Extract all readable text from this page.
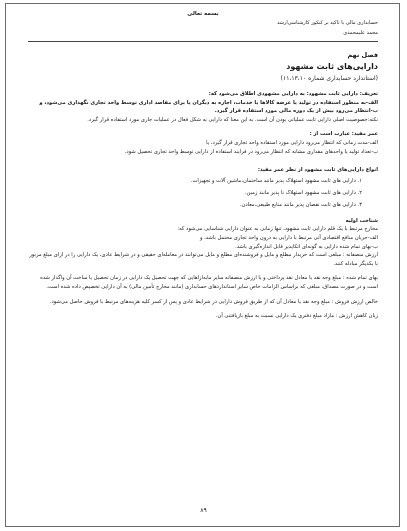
بسمه تعالی
حسابداری مالی با تاکید بر کنکور کارشناسی‌ارشد
محمد علیمحمدی
فصل نهم
دارایی‌های ثابت مشهود
(استاندارد حسابداری شماره ۱۱،۱۳،۱۰)

تعریف: دارایی ثابت مشهود: به دارایی مشهودی اطلاق می‌شود که:

الف-به منظور استفاده در تولید یا عرضه کالاها یا خدمات، اجاره به دیگران یا برای مقاصد اداری توسط واحد تجاری نگهداری می‌شود، و

ب-انتظار می‌رود بیش از یک دوره مالی مورد استفاده قرار گیرد.

نکته:خصوصیت اصلی دارایی ثابت عملیاتی بودن آن است. به این معنا که دارایی به شکل فعال در عملیات جاری مورد استفاده قرار گیرد.

عمر مفید: عبارت است از :

الف-مدت زمانی که انتظار می‌رود دارایی مورد استفاده واحد تجاری قرار گیرد، یا

ب-تعداد تولید یا واحدهای مقداری مشابه که انتظار می‌رود در فرایند استفاده از دارایی توسط واحد تجاری تحصیل شود.

انواع دارایی‌های ثابت مشهود از نظر عمر مفید:

۱. دارایی های ثابت مشهود استهلاک پذیر مانند ساختمان،ماشین آلات و تجهیزات.
۲. دارایی های ثابت مشهود استهلاک نا پذیر مانند زمین.
۳. دارایی های ثابت نقصان پذیر مانند منابع طبیعی،معادن.

شناخت اولیه

مخارج مرتبط با یک قلم دارایی ثابت مشهود، تنها زمانی به عنوان دارایی شناسایی می‌شود که:

الف-جریان منافع اقتصادی آتی مرتبط با دارایی به درون واحد تجاری محتمل باشد، و

ب-بهای تمام شده دارایی به گونه‌ای اتکاپذیر قابل اندازه‌گیری باشد.

ارزش منصفانه : مبلغی است که خریدار مطلع و مایل و فروشنده‌ای مطلع و مایل می‌توانند در معامله‌ای حقیقی و در شرایط عادی، یک دارایی را در ازای مبلغ مزبور با یکدیگر مبادله کنند.

بهای تمام شده : مبلغ وجه نقد یا معادل نقد پرداختی و یا ارزش منصفانه سایر ما‌به‌ازاهایی که جهت تحصیل یک دارایی در زمان تحصیل یا ساخت آن واگذار شده است و در صورت مصداق، مبلغی که براساس الزامات خاص سایر استانداردهای حسابداری (مانند مخارج تأمین مالی) به آن دارایی تخصیص داده شده است.

خالص ارزش فروش : مبلغ وجه نقد یا معادل آن که از طریق فروش دارایی در شرایط عادی و پس از کسر کلیه هزینه‌های مرتبط با فروش حاصل می‌شود.

زیان کاهش ارزش : مازاد مبلغ دفتری یک دارایی نسبت به مبلغ بازیافتنی آن.

۸۹
